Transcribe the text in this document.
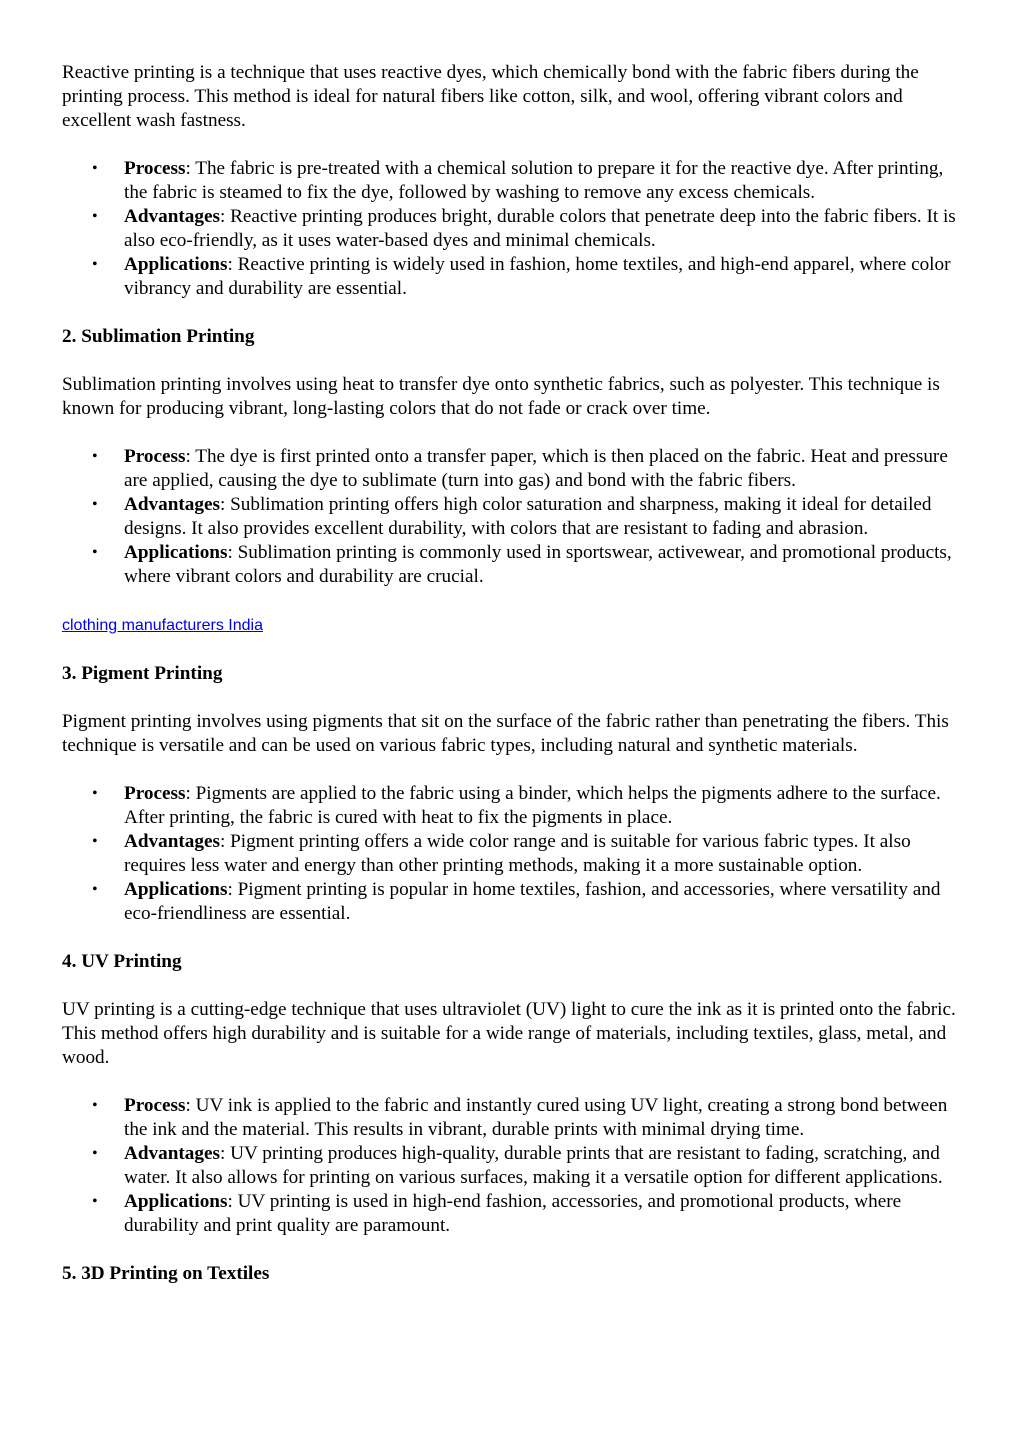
Reactive printing is a technique that uses reactive dyes, which chemically bond with the fabric fibers during the printing process. This method is ideal for natural fibers like cotton, silk, and wool, offering vibrant colors and excellent wash fastness.

• Process: The fabric is pre-treated with a chemical solution to prepare it for the reactive dye. After printing, the fabric is steamed to fix the dye, followed by washing to remove any excess chemicals.
• Advantages: Reactive printing produces bright, durable colors that penetrate deep into the fabric fibers. It is also eco-friendly, as it uses water-based dyes and minimal chemicals.
• Applications: Reactive printing is widely used in fashion, home textiles, and high-end apparel, where color vibrancy and durability are essential.
2. Sublimation Printing

Sublimation printing involves using heat to transfer dye onto synthetic fabrics, such as polyester. This technique is known for producing vibrant, long-lasting colors that do not fade or crack over time.

• Process: The dye is first printed onto a transfer paper, which is then placed on the fabric. Heat and pressure are applied, causing the dye to sublimate (turn into gas) and bond with the fabric fibers.
• Advantages: Sublimation printing offers high color saturation and sharpness, making it ideal for detailed designs. It also provides excellent durability, with colors that are resistant to fading and abrasion.
• Applications: Sublimation printing is commonly used in sportswear, activewear, and promotional products, where vibrant colors and durability are crucial.
clothing manufacturers India
3. Pigment Printing

Pigment printing involves using pigments that sit on the surface of the fabric rather than penetrating the fibers. This technique is versatile and can be used on various fabric types, including natural and synthetic materials.

• Process: Pigments are applied to the fabric using a binder, which helps the pigments adhere to the surface. After printing, the fabric is cured with heat to fix the pigments in place.
• Advantages: Pigment printing offers a wide color range and is suitable for various fabric types. It also requires less water and energy than other printing methods, making it a more sustainable option.
• Applications: Pigment printing is popular in home textiles, fashion, and accessories, where versatility and eco-friendliness are essential.
4. UV Printing

UV printing is a cutting-edge technique that uses ultraviolet (UV) light to cure the ink as it is printed onto the fabric. This method offers high durability and is suitable for a wide range of materials, including textiles, glass, metal, and wood.

• Process: UV ink is applied to the fabric and instantly cured using UV light, creating a strong bond between the ink and the material. This results in vibrant, durable prints with minimal drying time.
• Advantages: UV printing produces high-quality, durable prints that are resistant to fading, scratching, and water. It also allows for printing on various surfaces, making it a versatile option for different applications.
• Applications: UV printing is used in high-end fashion, accessories, and promotional products, where durability and print quality are paramount.
5. 3D Printing on Textiles
